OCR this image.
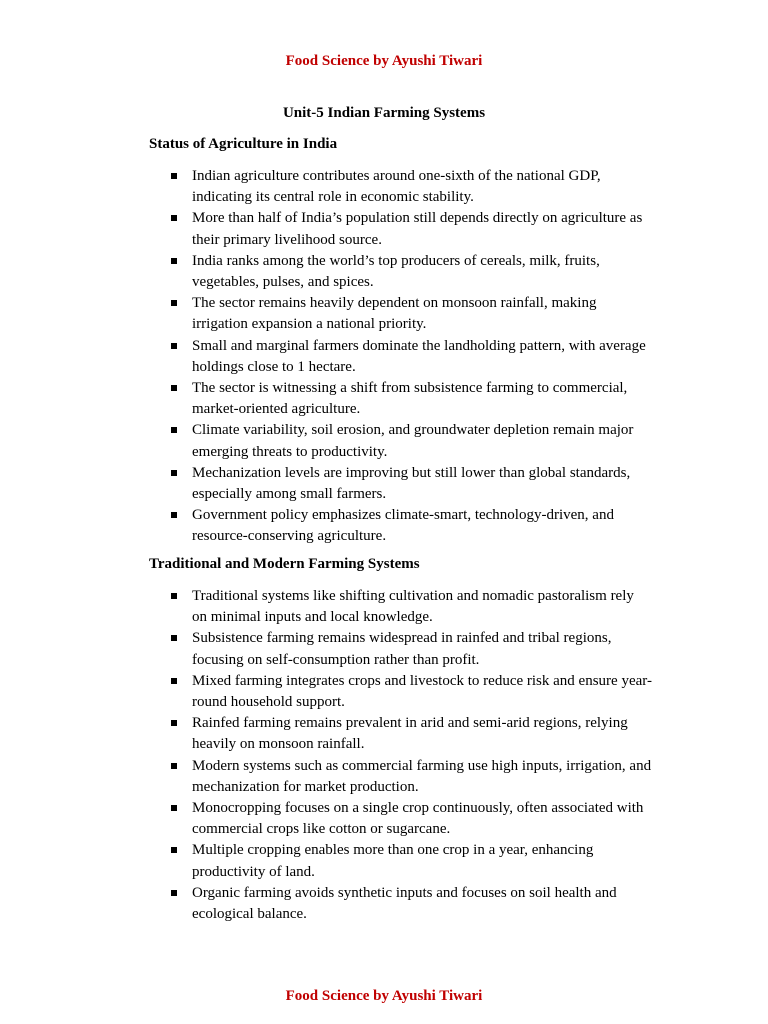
Food Science by Ayushi Tiwari

Unit-5 Indian Farming Systems

Status of Agriculture in India

Indian agriculture contributes around one-sixth of the national GDP, indicating its central role in economic stability.
More than half of India’s population still depends directly on agriculture as their primary livelihood source.
India ranks among the world’s top producers of cereals, milk, fruits, vegetables, pulses, and spices.
The sector remains heavily dependent on monsoon rainfall, making irrigation expansion a national priority.
Small and marginal farmers dominate the landholding pattern, with average holdings close to 1 hectare.
The sector is witnessing a shift from subsistence farming to commercial, market-oriented agriculture.
Climate variability, soil erosion, and groundwater depletion remain major emerging threats to productivity.
Mechanization levels are improving but still lower than global standards, especially among small farmers.
Government policy emphasizes climate-smart, technology-driven, and resource-conserving agriculture.

Traditional and Modern Farming Systems

Traditional systems like shifting cultivation and nomadic pastoralism rely on minimal inputs and local knowledge.
Subsistence farming remains widespread in rainfed and tribal regions, focusing on self-consumption rather than profit.
Mixed farming integrates crops and livestock to reduce risk and ensure year-round household support.
Rainfed farming remains prevalent in arid and semi-arid regions, relying heavily on monsoon rainfall.
Modern systems such as commercial farming use high inputs, irrigation, and mechanization for market production.
Monocropping focuses on a single crop continuously, often associated with commercial crops like cotton or sugarcane.
Multiple cropping enables more than one crop in a year, enhancing productivity of land.
Organic farming avoids synthetic inputs and focuses on soil health and ecological balance.

Food Science by Ayushi Tiwari
